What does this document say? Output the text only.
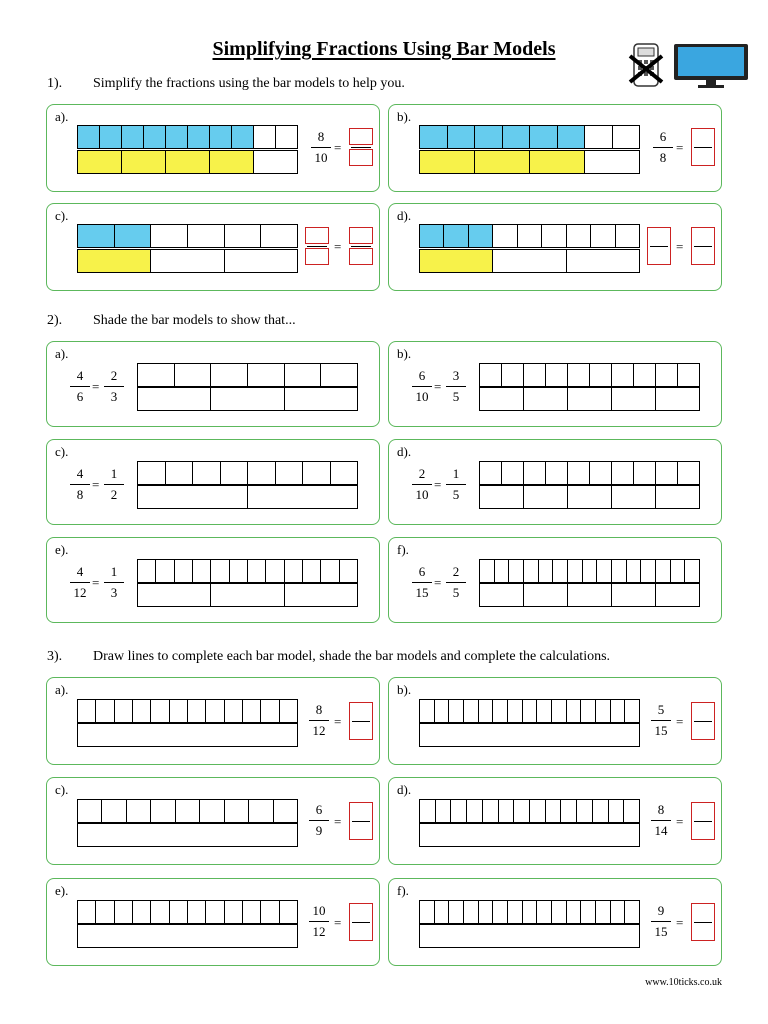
Simplifying Fractions Using Bar Models
1). Simplify the fractions using the bar models to help you.
2). Shade the bar models to show that...
3). Draw lines to complete each bar model, shade the bar models and complete the calculations.
a).
8
10
=
b).
6
8
=
c).
=
d).
=
a).
4
6
=
2
3
b).
6
10
=
3
5
c).
4
8
=
1
2
d).
2
10
=
1
5
e).
4
12
=
1
3
f).
6
15
=
2
5
a).
8
12
=
b).
5
15
=
c).
6
9
=
d).
8
14
=
e).
10
12
=
f).
9
15
=
www.10ticks.co.uk
